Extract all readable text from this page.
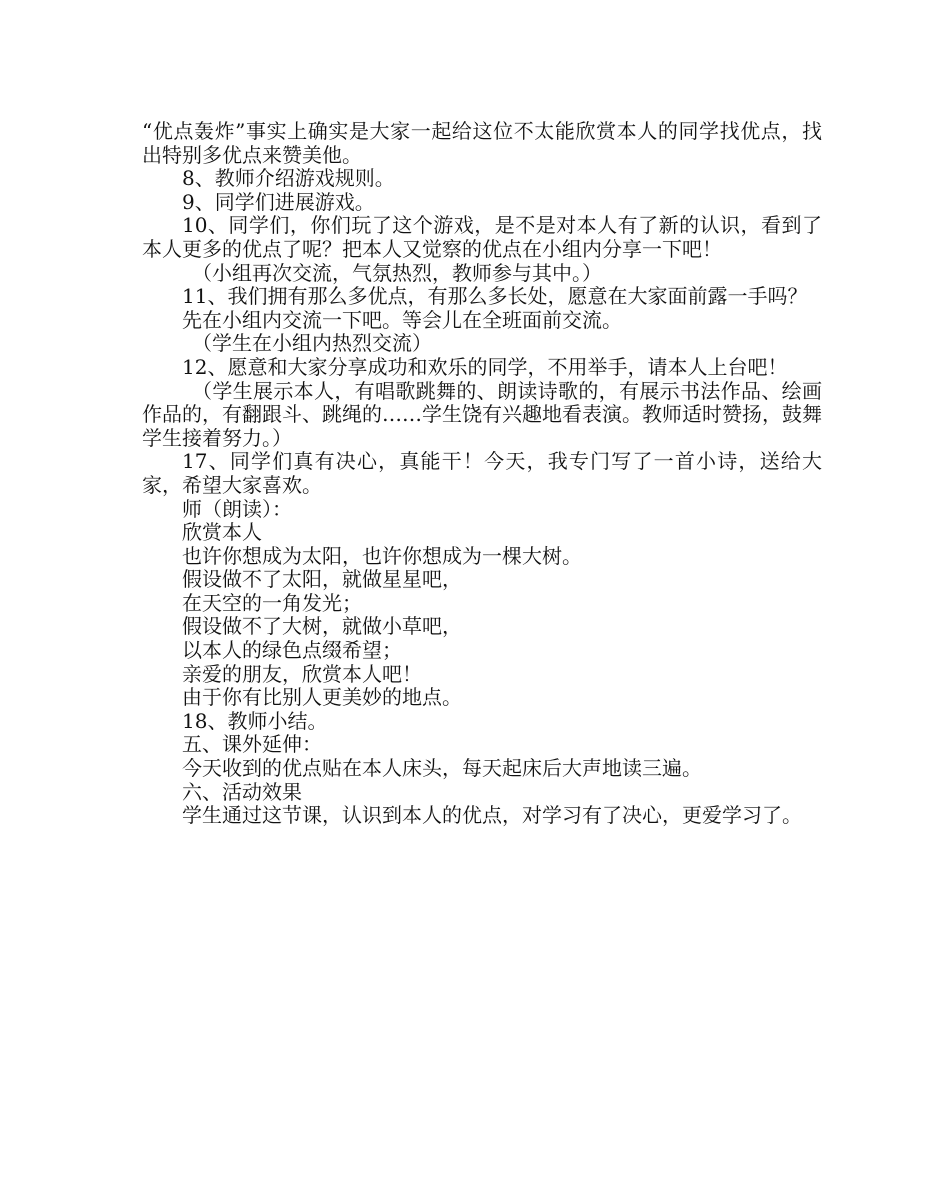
“优点轰炸”事实上确实是大家一起给这位不太能欣赏本人的同学找优点，找出特别多优点来赞美他。

8、教师介绍游戏规则。

9、同学们进展游戏。

10、同学们，你们玩了这个游戏，是不是对本人有了新的认识，看到了本人更多的优点了呢？把本人又觉察的优点在小组内分享一下吧！

（小组再次交流，气氛热烈，教师参与其中。）

11、我们拥有那么多优点，有那么多长处，愿意在大家面前露一手吗？

先在小组内交流一下吧。等会儿在全班面前交流。

（学生在小组内热烈交流）

12、愿意和大家分享成功和欢乐的同学，不用举手，请本人上台吧！

（学生展示本人，有唱歌跳舞的、朗读诗歌的，有展示书法作品、绘画作品的，有翻跟斗、跳绳的……学生饶有兴趣地看表演。教师适时赞扬，鼓舞学生接着努力。）

17、同学们真有决心，真能干！今天，我专门写了一首小诗，送给大家，希望大家喜欢。

师（朗读）：

欣赏本人

也许你想成为太阳，也许你想成为一棵大树。

假设做不了太阳，就做星星吧，

在天空的一角发光；

假设做不了大树，就做小草吧，

以本人的绿色点缀希望；

亲爱的朋友，欣赏本人吧！

由于你有比别人更美妙的地点。

18、教师小结。

五、课外延伸：

今天收到的优点贴在本人床头，每天起床后大声地读三遍。

六、活动效果

学生通过这节课，认识到本人的优点，对学习有了决心，更爱学习了。
